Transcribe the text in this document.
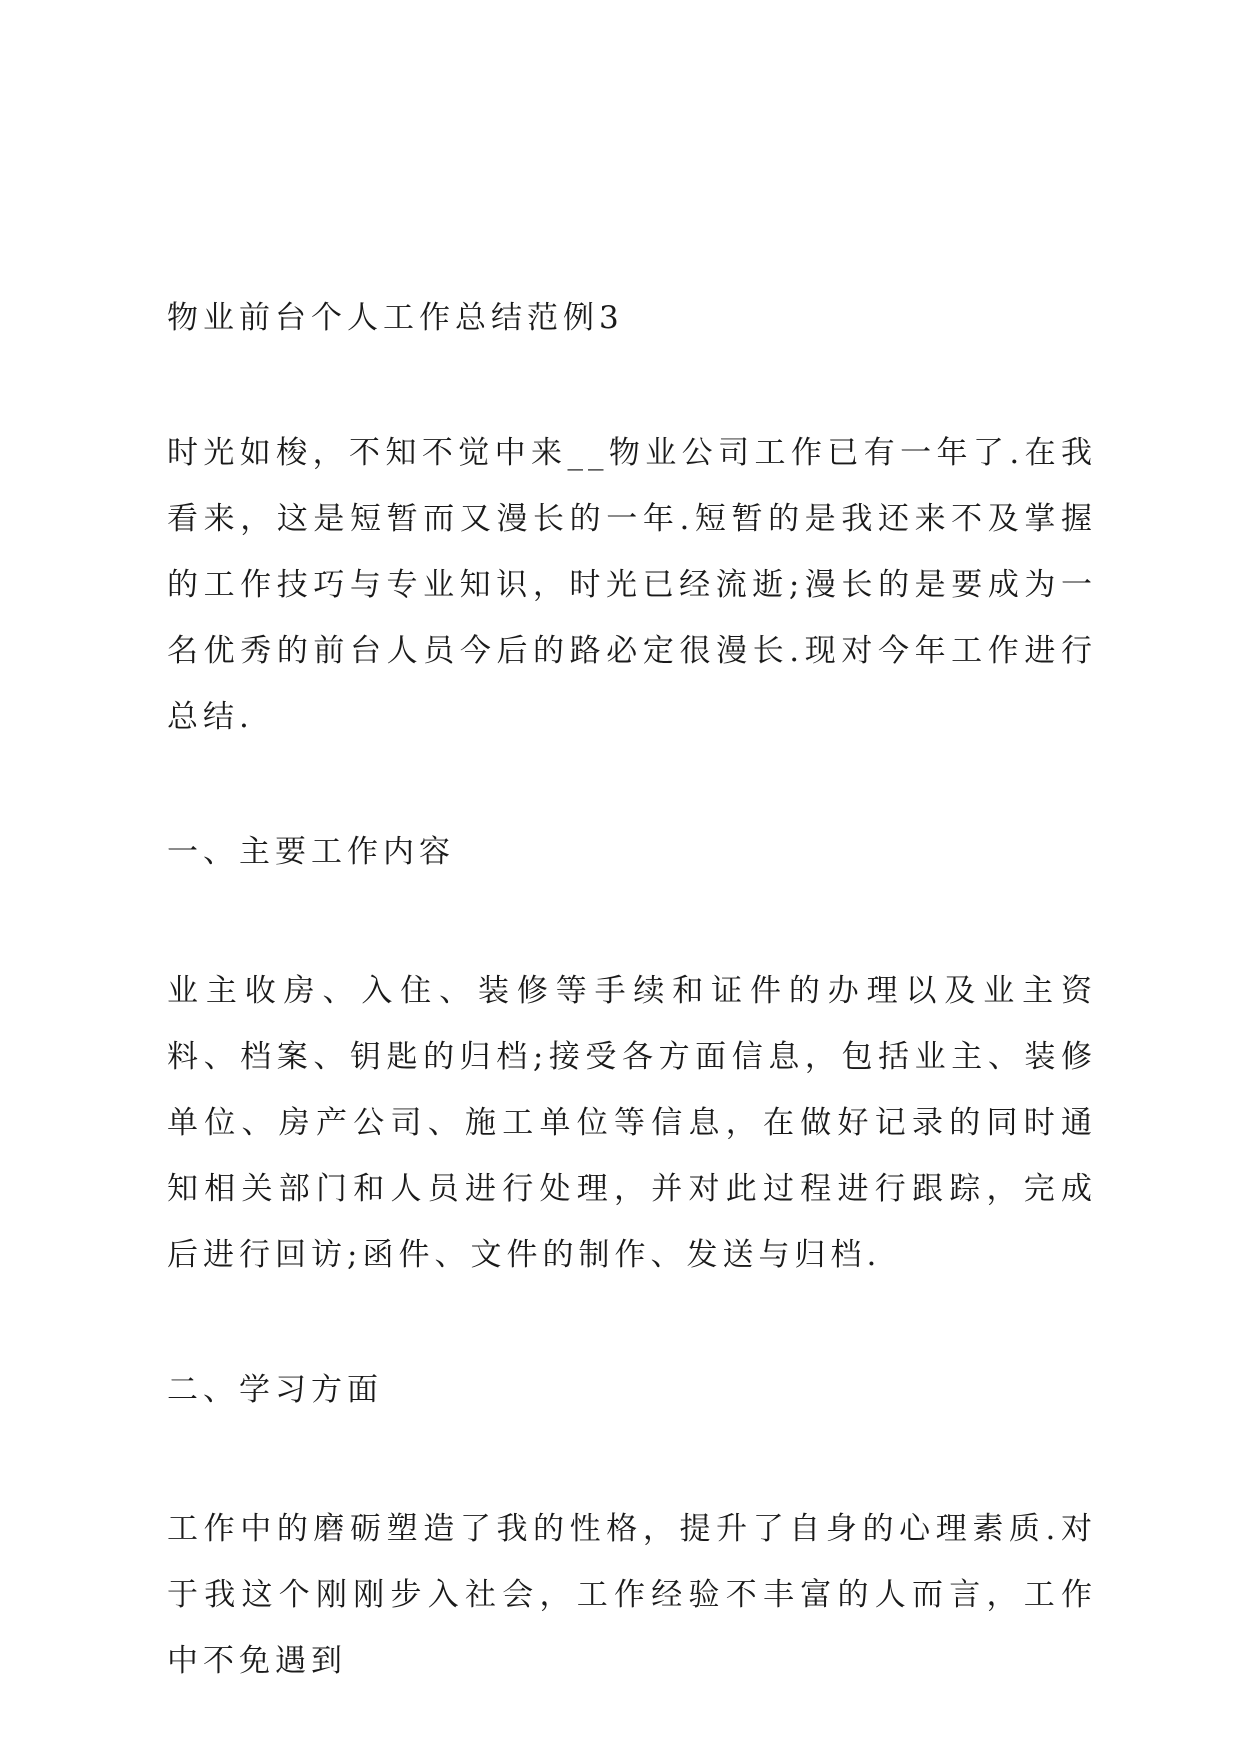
物业前台个人工作总结范例3

时光如梭，不知不觉中来__物业公司工作已有一年了.在我看来，这是短暂而又漫长的一年.短暂的是我还来不及掌握的工作技巧与专业知识，时光已经流逝;漫长的是要成为一名优秀的前台人员今后的路必定很漫长.现对今年工作进行总结.

一、主要工作内容

业主收房、入住、装修等手续和证件的办理以及业主资料、档案、钥匙的归档;接受各方面信息，包括业主、装修单位、房产公司、施工单位等信息，在做好记录的同时通知相关部门和人员进行处理，并对此过程进行跟踪，完成后进行回访;函件、文件的制作、发送与归档.

二、学习方面

工作中的磨砺塑造了我的性格，提升了自身的心理素质.对于我这个刚刚步入社会，工作经验不丰富的人而言，工作中不免遇到
